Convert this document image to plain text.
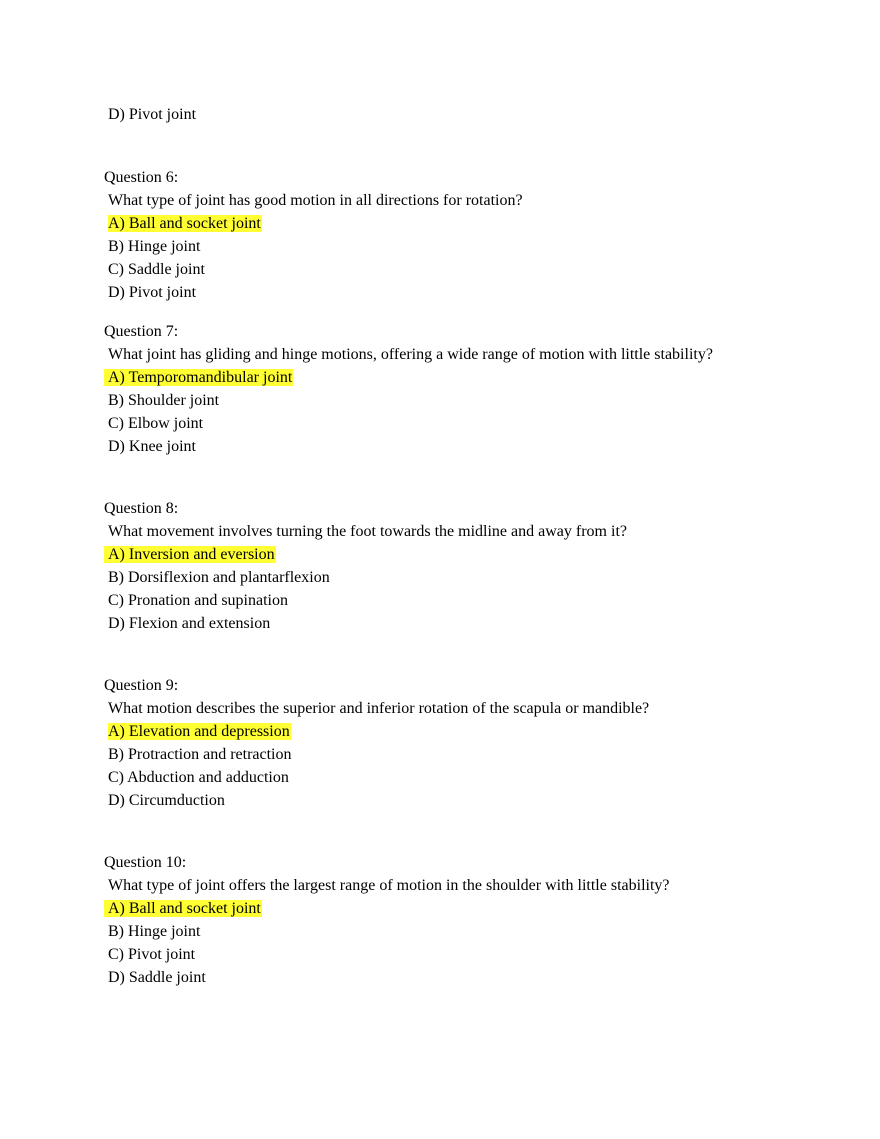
D) Pivot joint
Question 6:
What type of joint has good motion in all directions for rotation?
A) Ball and socket joint
B) Hinge joint
C) Saddle joint
D) Pivot joint
Question 7:
What joint has gliding and hinge motions, offering a wide range of motion with little stability?
A) Temporomandibular joint
B) Shoulder joint
C) Elbow joint
D) Knee joint
Question 8:
What movement involves turning the foot towards the midline and away from it?
A) Inversion and eversion
B) Dorsiflexion and plantarflexion
C) Pronation and supination
D) Flexion and extension
Question 9:
What motion describes the superior and inferior rotation of the scapula or mandible?
A) Elevation and depression
B) Protraction and retraction
C) Abduction and adduction
D) Circumduction
Question 10:
What type of joint offers the largest range of motion in the shoulder with little stability?
A) Ball and socket joint
B) Hinge joint
C) Pivot joint
D) Saddle joint
